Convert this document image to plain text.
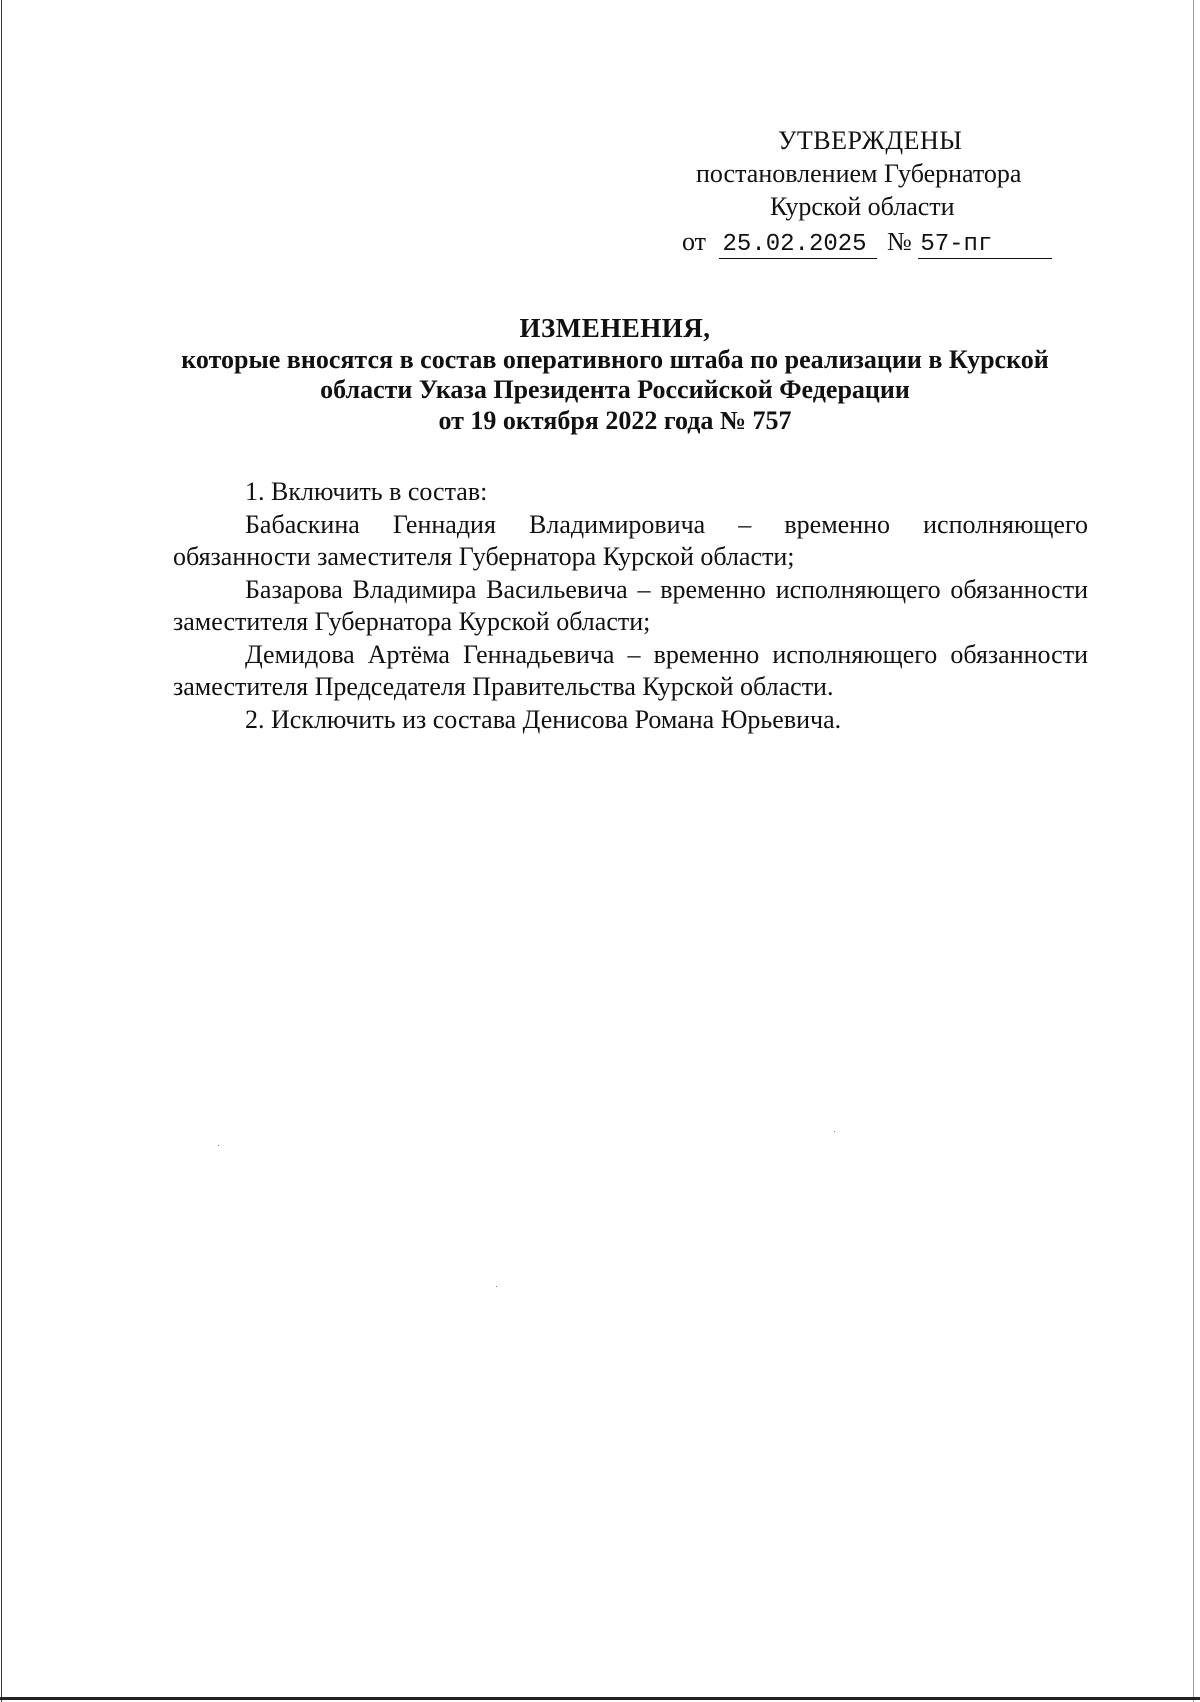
УТВЕРЖДЕНЫ
постановлением Губернатора
Курской области
от 25.02.2025 № 57-пг
ИЗМЕНЕНИЯ,
которые вносятся в состав оперативного штаба по реализации в Курской
области Указа Президента Российской Федерации
от 19 октября 2022 года № 757

1. Включить в состав:

Бабаскина Геннадия Владимировича – временно исполняющего обязанности заместителя Губернатора Курской области;

Базарова Владимира Васильевича – временно исполняющего обязанности заместителя Губернатора Курской области;

Демидова Артёма Геннадьевича – временно исполняющего обязанности заместителя Председателя Правительства Курской области.

2. Исключить из состава Денисова Романа Юрьевича.
